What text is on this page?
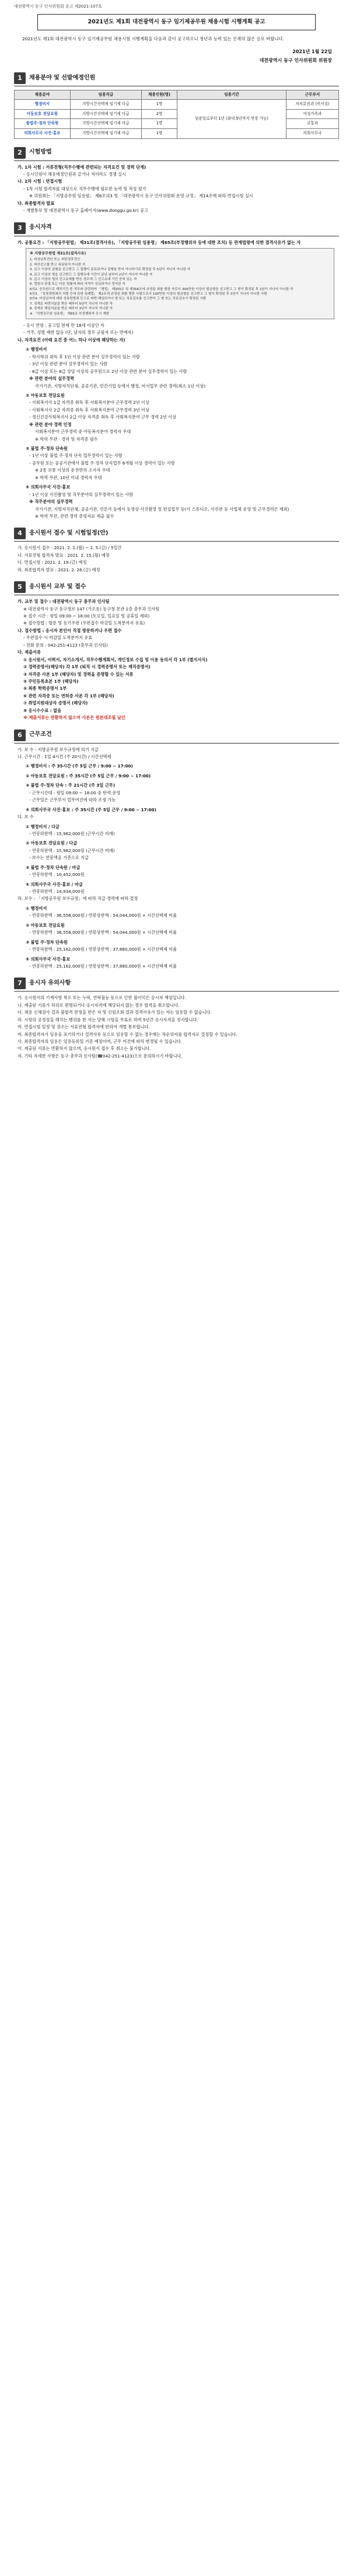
대전광역시 동구 인사위원회 공고 제2021-107호
2021년도 제1회 대전광역시 동구 임기제공무원 채용시험 시행계획 공고

2021년도 제1회 대전광역시 동구 임기제공무원 채용시험 시행계획을 다음과 같이 공고하오니 청년과 능력 있는 인재의 많은 응모 바랍니다.

2021년 1월 22일
대전광역시 동구 인사위원회 위원장
1	채용분야 및 선발예정인원
채용분야	임용직급	채용인원(명)	임용기간	근무부서
행정비서	지방시간선택제 임기제 다급	1명	임용일로부터 1년 (최대 5년까지 연장 가능)	자치분권과 (비서실)
아동보호 전담요원	지방시간선택제 임기제 다급	2명		여성가족과
불법주·정차 단속원	지방시간선택제 임기제 마급	1명		교통과
의회사무국 사진·홍보	지방시간선택제 임기제 마급	1명		의회사무국
2	시험방법
가. 1차 시험 : 서류전형(직무수행에 관련되는 자격요건 및 경력 단계)
- 응시인원이 채용예정인원과 같거나 적더라도 경쟁 실시
나. 2차 시험 : 면접시험
- 1차 시험 합격자를 대상으로 직무수행에 필요한 능력 및 적성 평가
※ 위원회는 「지방공무원 임용령」 제8조의3 및 「대전광역시 동구 인사위원회 운영 규정」 제14조에 따라 면접시험 실시
다. 최종합격자 발표
- 개별통보 및 대전광역시 동구 홈페이지(www.donggu.go.kr) 공고
3	응시자격
가. 공통요건 : 「지방공무원법」 제31조(결격사유), 「지방공무원 임용령」 제65조(부정행위자 등에 대한 조치) 등 관계법령에 의한 결격사유가 없는 자
※ 지방공무원법 제31조(결격사유)
1. 피성년후견인 또는 피한정후견인
2. 파산선고를 받고 복권되지 아니한 자
3. 금고 이상의 실형을 선고받고 그 집행이 종료되거나 집행을 받지 아니하기로 확정된 후 5년이 지나지 아니한 자
4. 금고 이상의 형을 선고받고 그 집행유예 기간이 끝난 날부터 2년이 지나지 아니한 자
5. 금고 이상의 형의 선고유예를 받은 경우에 그 선고유예 기간 중에 있는 자
6. 법원의 판결 또는 다른 법률에 따라 자격이 상실되거나 정지된 자
6의2. 공무원으로 재직기간 중 직무와 관련하여 「형법」 제355조 및 제356조에 규정된 죄를 범한 자로서 300만원 이상의 벌금형을 선고받고 그 형이 확정된 후 2년이 지나지 아니한 자
6의3. 「성폭력범죄의 처벌 등에 관한 특례법」 제2조에 규정된 죄를 범한 사람으로서 100만원 이상의 벌금형을 선고받고 그 형이 확정된 후 3년이 지나지 아니한 사람
6의4. 미성년자에 대한 성폭력범죄 등으로 파면·해임되거나 형 또는 치료감호를 선고받아 그 형 또는 치료감호가 확정된 사람
7. 징계로 파면처분을 받은 때부터 5년이 지나지 아니한 자
8. 징계로 해임처분을 받은 때부터 3년이 지나지 아니한 자
※ 「지방공무원 임용령」 제65조 부정행위자 응시 제한
- 응시 연령 : 공고일 현재 만 18세 이상인 자
- 거주, 성별 제한 없음 (단, 남자의 경우 군필자 또는 면제자)
나. 자격요건 (아래 요건 중 어느 하나 이상에 해당하는 자)
① 행정비서
- 학사학위 취득 후 1년 이상 관련 분야 실무경력이 있는 사람
- 3년 이상 관련 분야 실무경력이 있는 사람
- 8급 이상 또는 8급 상당 이상의 공무원으로 2년 이상 관련 분야 실무경력이 있는 사람
※ 관련 분야의 실무경력
국가기관, 지방자치단체, 공공기관, 민간기업 등에서 행정, 비서업무 관련 경력(최소 1년 이상)
② 아동보호 전담요원
- 사회복지사 1급 자격증 취득 후 사회복지분야 근무경력 2년 이상
- 사회복지사 2급 자격증 취득 후 사회복지분야 근무경력 3년 이상
- 정신건강사회복지사 2급 이상 자격증 취득 후 사회복지분야 근무 경력 2년 이상
※ 관련 분야 경력 인정
사회복지분야 근무경력 중 아동복지분야 경력자 우대
※ 학력 무관 · 경력 및 자격증 필수
③ 불법 주·정차 단속원
- 1년 이상 불법 주·정차 단속 업무경력이 있는 사람
- 공무원 또는 공공기관에서 불법 주·정차 단속업무 6개월 이상 경력이 있는 사람
※ 2종 보통 이상의 운전면허 소지자 우대
※ 학력 무관, 10년 이내 경력자 우대
④ 의회사무국 사진·홍보
- 1년 이상 사진촬영 및 직무분야의 실무경력이 있는 사람
※ 직무분야의 실무경력
국가기관, 지방자치단체, 공공기관, 언론사 등에서 동영상·사진촬영 및 편집업무 등(이 스튜디오, 사진관 등 사업체 운영 및 근무경력은 제외)
※ 학력 무관, 관련 경력 증빙자료 제출 필수
4	응시원서 접수 및 시험일정(안)
가. 응시원서 접수 : 2021. 2. 1.(월) ~ 2. 5.(금) / 5일간
나. 서류전형 합격자 발표 : 2021. 2. 15.(월) 예정
다. 면접시험 : 2021. 2. 19.(금) 예정
라. 최종합격자 발표 : 2021. 2. 26.(금) 예정
5	응시원서 교부 및 접수
가. 교부 및 접수 : 대전광역시 동구 총무과 인사팀
※ 대전광역시 동구 동구청로 147 (가오동) 동구청 본관 1층 총무과 인사팀
※ 접수 시간 : 평일 09:00 ~ 18:00 (토요일, 일요일 및 공휴일 제외)
※ 접수방법 : 방문 및 등기우편 (우편접수 마감일 도착분까지 유효)
나. 접수방법 : 응시자 본인이 직접 방문하거나 우편 접수
- 우편접수 시 마감일 도착분까지 유효
- 전화 문의 : 042-251-4123 (총무과 인사팀)
다. 제출서류
① 응시원서, 이력서, 자기소개서, 직무수행계획서, 개인정보 수집 및 이용 동의서 각 1부 (별지서식)
② 경력증명서(해당자) 각 1부 (퇴직 시 경력증명서 또는 재직증명서)
③ 자격증 사본 1부 (해당자) 및 경력을 증명할 수 있는 서류
④ 주민등록초본 1부 (해당자)
⑤ 최종 학력증명서 1부
⑥ 관련 자격증 또는 면허증 사본 각 1부 (해당자)
⑦ 취업지원대상자 증명서 (해당자)
⑧ 응시수수료 : 없음
※ 제출서류는 반환하지 않으며 사본은 원본대조필 날인
6	근무조건
가. 보 수 : 지방공무원 보수규정에 의거 지급
나. 근무시간 : 1일 4시간 (주 20시간) / 시간선택제
① 행정비서 : 주 35시간 (주 5일 근무 / 9:00 ~ 17:00)
② 아동보호 전담요원 : 주 35시간 (주 5일 근무 / 9:00 ~ 17:00)
③ 불법 주·정차 단속 : 주 21시간 (주 3일 근무)
- 근무시간대 : 평일 09:00 ~ 18:00 중 탄력 운영
- 근무일은 근무부서 업무여건에 따라 조정 가능
④ 의회사무국 사진·홍보 : 주 35시간 (주 5일 근무 / 9:00 ~ 17:00)
다. 보 수
① 행정비서 / 다급
- 연봉하한액 : 15,962,000원 (근무시간 비례)
② 아동보호 전담요원 / 다급
- 연봉하한액 : 15,962,000원 (근무시간 비례)
- 보수는 연봉액을 기준으로 지급
③ 불법 주·정차 단속원 / 마급
- 연봉하한액 : 10,452,000원
④ 의회사무국 사진·홍보 / 마급
- 연봉하한액 : 14,934,000원
라. 보수 : 「지방공무원 보수규정」에 따라 직급·경력에 따라 결정
① 행정비서
- 연봉하한액 : 36,558,000원 / 연봉상한액 : 54,044,000원 × 시간선택제 비율
② 아동보호 전담요원
- 연봉하한액 : 36,558,000원 / 연봉상한액 : 54,044,000원 × 시간선택제 비율
③ 불법 주·정차 단속원
- 연봉하한액 : 25,162,000원 / 연봉상한액 : 37,880,000원 × 시간선택제 비율
④ 의회사무국 사진·홍보
- 연봉하한액 : 25,162,000원 / 연봉상한액 : 37,880,000원 × 시간선택제 비율
7	응시자 유의사항
가. 응시원서의 기재사항 착오 또는 누락, 연락불능 등으로 인한 불이익은 응시자 책임입니다.
나. 제출된 서류가 허위로 판명되거나 응시자격에 해당되지 않는 경우 합격을 취소합니다.
다. 채용 신체검사 결과 불합격 판정을 받은 자 및 신원조회 결과 결격사유가 있는 자는 임용할 수 없습니다.
라. 시험의 공정성을 해치는 행위를 한 자는 당해 시험을 무효로 하며 5년간 응시자격을 정지합니다.
마. 면접시험 일정 및 장소는 서류전형 합격자에 한하여 개별 통보합니다.
바. 최종합격자가 임용을 포기하거나 결격사유 등으로 임용할 수 없는 경우에는 차순위자를 합격자로 결정할 수 있습니다.
사. 최종합격자의 임용은 임용등록일 기준 예정이며, 근무 여건에 따라 변경될 수 있습니다.
아. 제출된 서류는 반환하지 않으며, 응시원서 접수 후 취소는 불가합니다.
자. 기타 자세한 사항은 동구 총무과 인사팀(☎042-251-4123)으로 문의하시기 바랍니다.
